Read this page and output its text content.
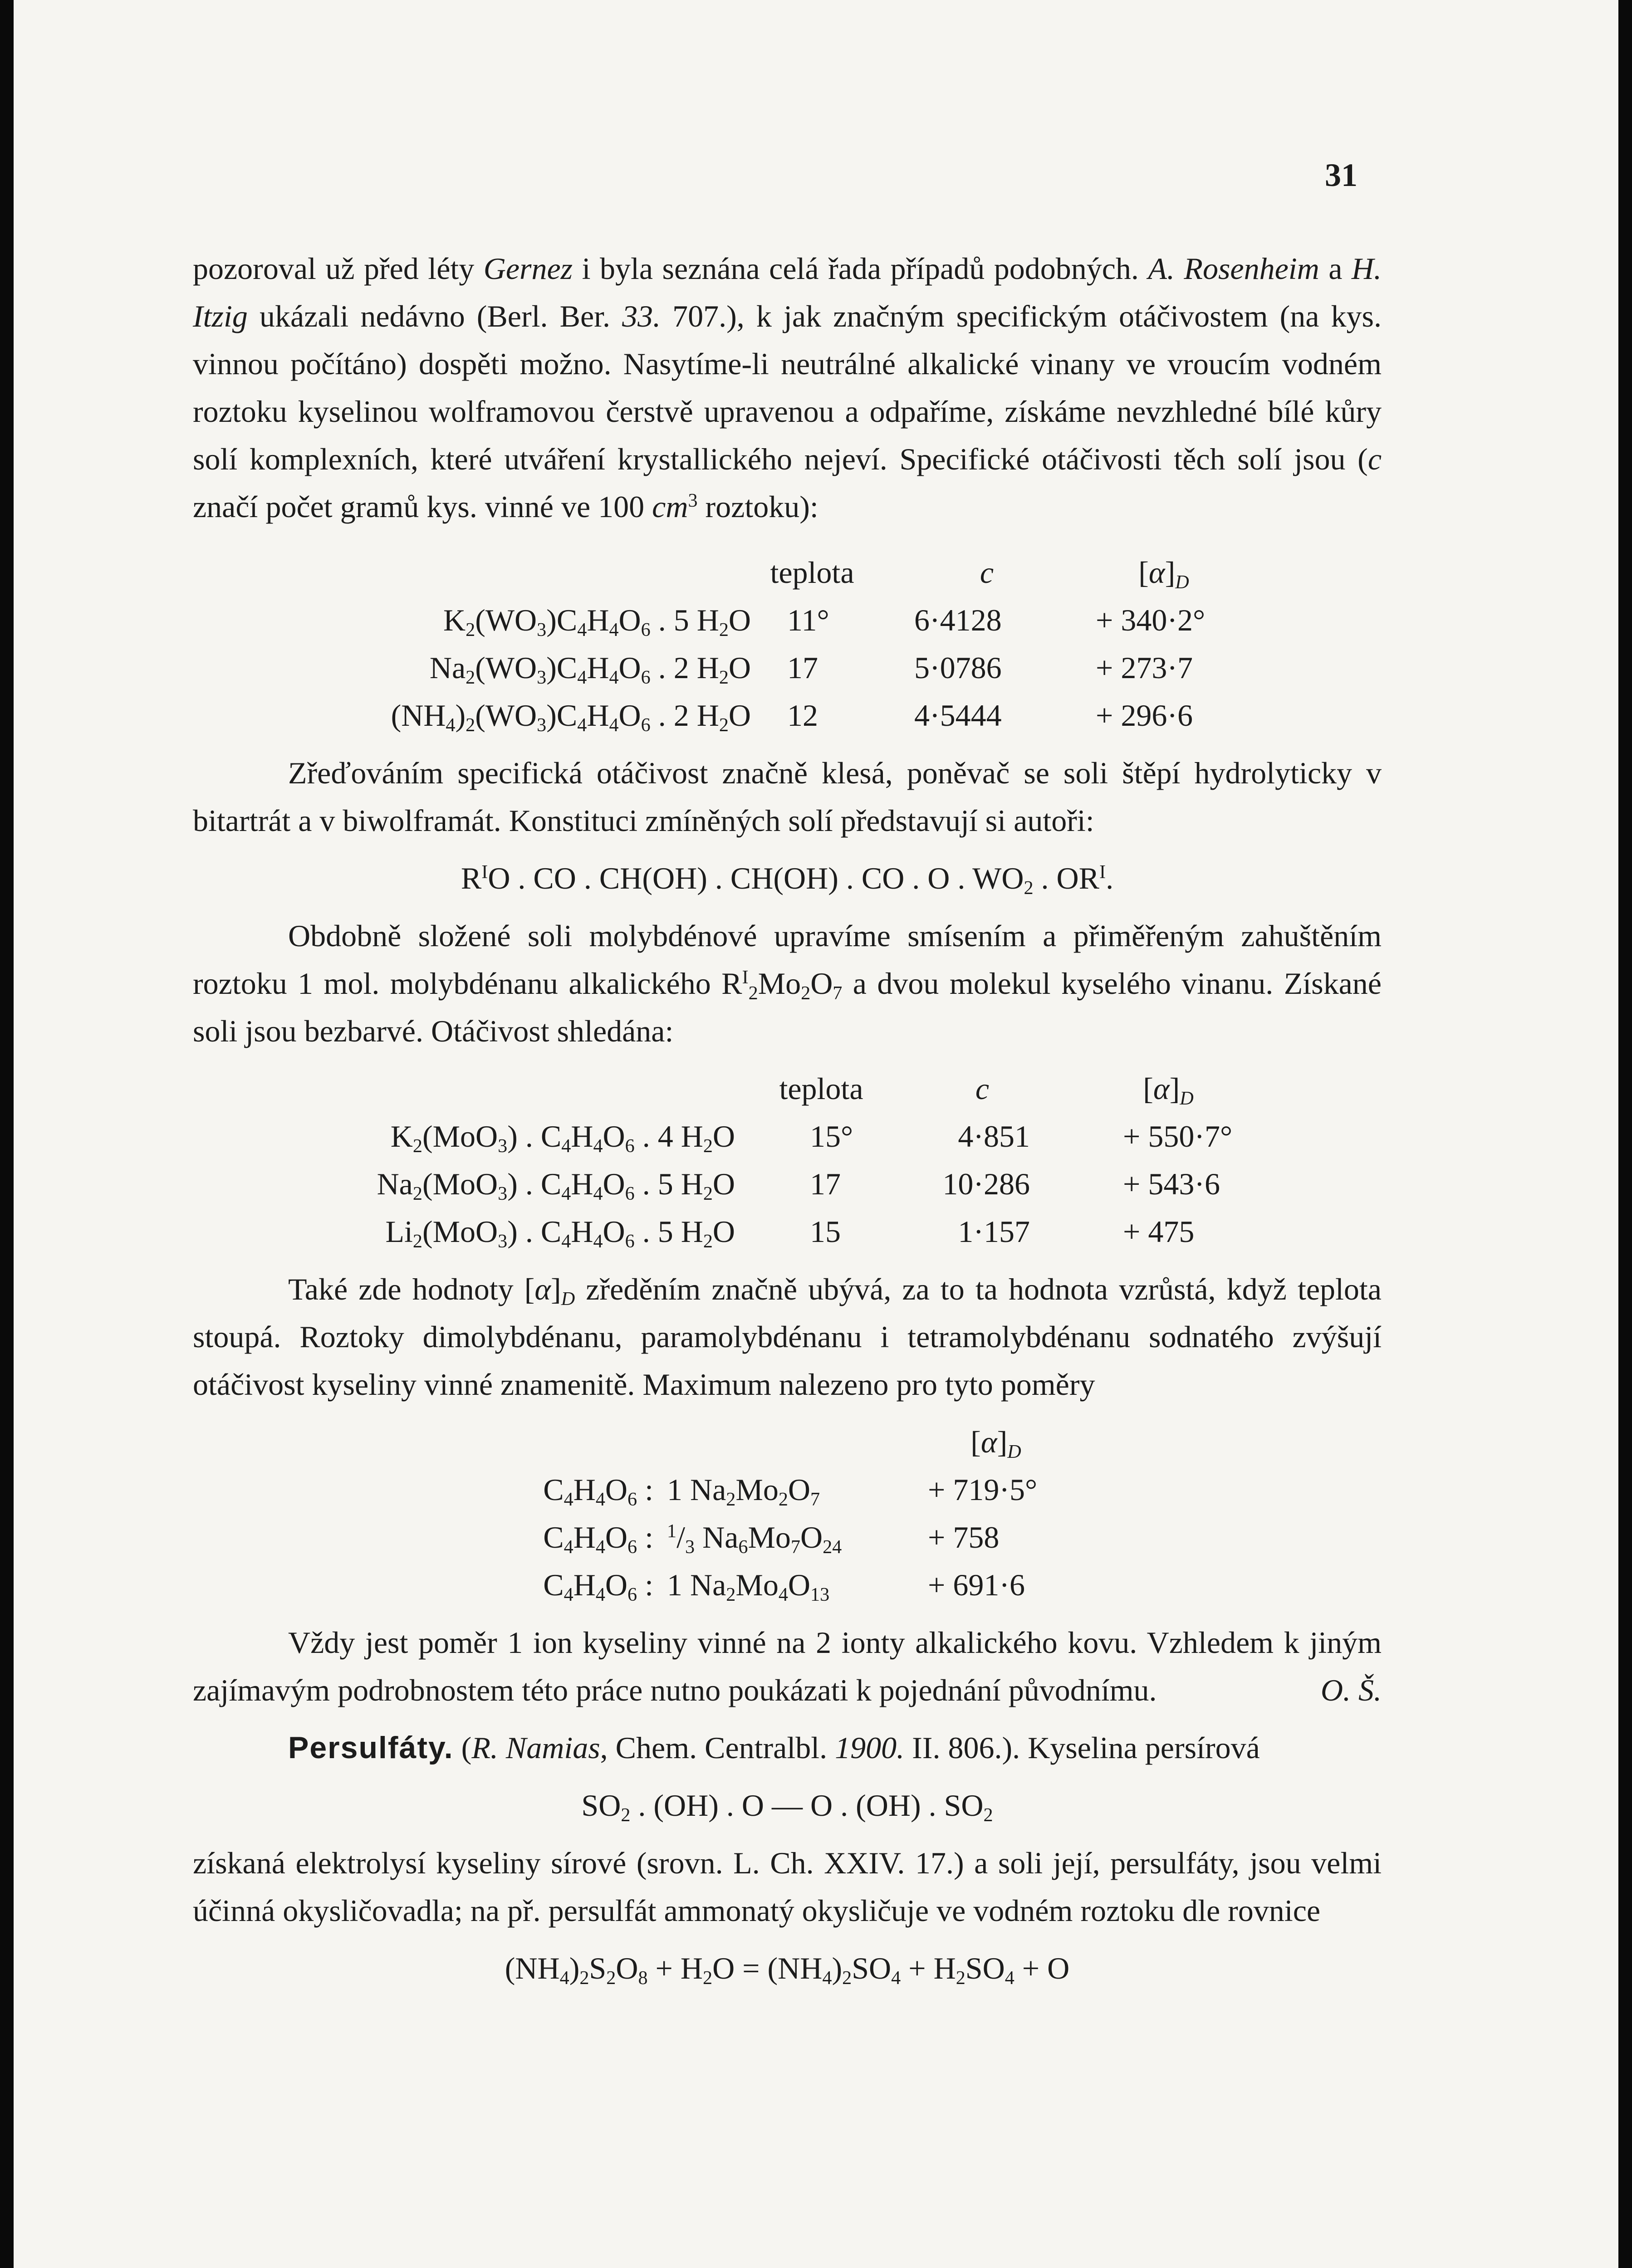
31

pozoroval už před léty Gernez i byla seznána celá řada případů podobných. A. Rosenheim a H. Itzig ukázali nedávno (Berl. Ber. 33. 707.), k jak značným specifickým otáčivostem (na kys. vinnou počítáno) dospěti možno. Nasytíme-li neutrálné alkalické vinany ve vroucím vodném roztoku kyselinou wolframovou čerstvě upravenou a odpaříme, získáme nevzhledné bílé kůry solí komplexních, které utváření krystallického nejeví. Specifické otáčivosti těch solí jsou (c značí počet gramů kys. vinné ve 100 $cm^3$ roztoku):

teplota	c	$[\alpha]_D$
$K_2(WO_3)C_4H_4O_6$ . 5 $H_2O$ 11°	6·4128	+ 340·2°
$Na_2(WO_3)C_4H_4O_6$ . 2 $H_2O$ 17	5·0786	+ 273·7
$(NH_4)_2(WO_3)C_4H_4O_6$ . 2 $H_2O$ 12	4·5444	+ 296·6

Zřeďováním specifická otáčivost značně klesá, poněvač se soli štěpí hydrolyticky v bitartrát a v biwolframát. Konstituci zmíněných solí představují si autoři:

$R^IO$ . CO . CH(OH) . CH(OH) . CO . O . $WO_2$ . $OR^I$.

Obdobně složené soli molybdénové upravíme smísením a přiměřeným zahuštěním roztoku 1 mol. molybdénanu alkalického $R^I_2Mo_2O_7$ a dvou molekul kyselého vinanu. Získané soli jsou bezbarvé. Otáčivost shledána:

teplota	c	$[\alpha]_D$
$K_2(MoO_3)$ . $C_4H_4O_6$ . 4 $H_2O$ 15°	4·851	+ 550·7°
$Na_2(MoO_3)$ . $C_4H_4O_6$ . 5 $H_2O$ 17	10·286	+ 543·6
$Li_2(MoO_3)$ . $C_4H_4O_6$ . 5 $H_2O$ 15	1·157	+ 475

Také zde hodnoty $[\alpha]_D$ zředěním značně ubývá, za to ta hodnota vzrůstá, když teplota stoupá. Roztoky dimolybdénanu, paramolybdénanu i tetramolybdénanu sodnatého zvýšují otáčivost kyseliny vinné znamenitě. Maximum nalezeno pro tyto poměry

$[\alpha]_D$
$C_4H_4O_6$ : 1 $Na_2Mo_2O_7$	+ 719·5°
$C_4H_4O_6$ : $^1/_3$ $Na_6Mo_7O_{24}$	+ 758
$C_4H_4O_6$ : 1 $Na_2Mo_4O_{13}$	+ 691·6

Vždy jest poměr 1 ion kyseliny vinné na 2 ionty alkalického kovu. Vzhledem k jiným zajímavým podrobnostem této práce nutno poukázati k pojednání původnímu.	O. Š.

Persulfáty. (R. Namias, Chem. Centralbl. 1900. II. 806.). Kyselina persírová

$SO_2$ . (OH) . O — O . (OH) . $SO_2$

získaná elektrolysí kyseliny sírové (srovn. L. Ch. XXIV. 17.) a soli její, persulfáty, jsou velmi účinná okysličovadla; na př. persulfát ammonatý okysličuje ve vodném roztoku dle rovnice

$(NH_4)_2S_2O_8 + H_2O = (NH_4)_2SO_4 + H_2SO_4 + O$
